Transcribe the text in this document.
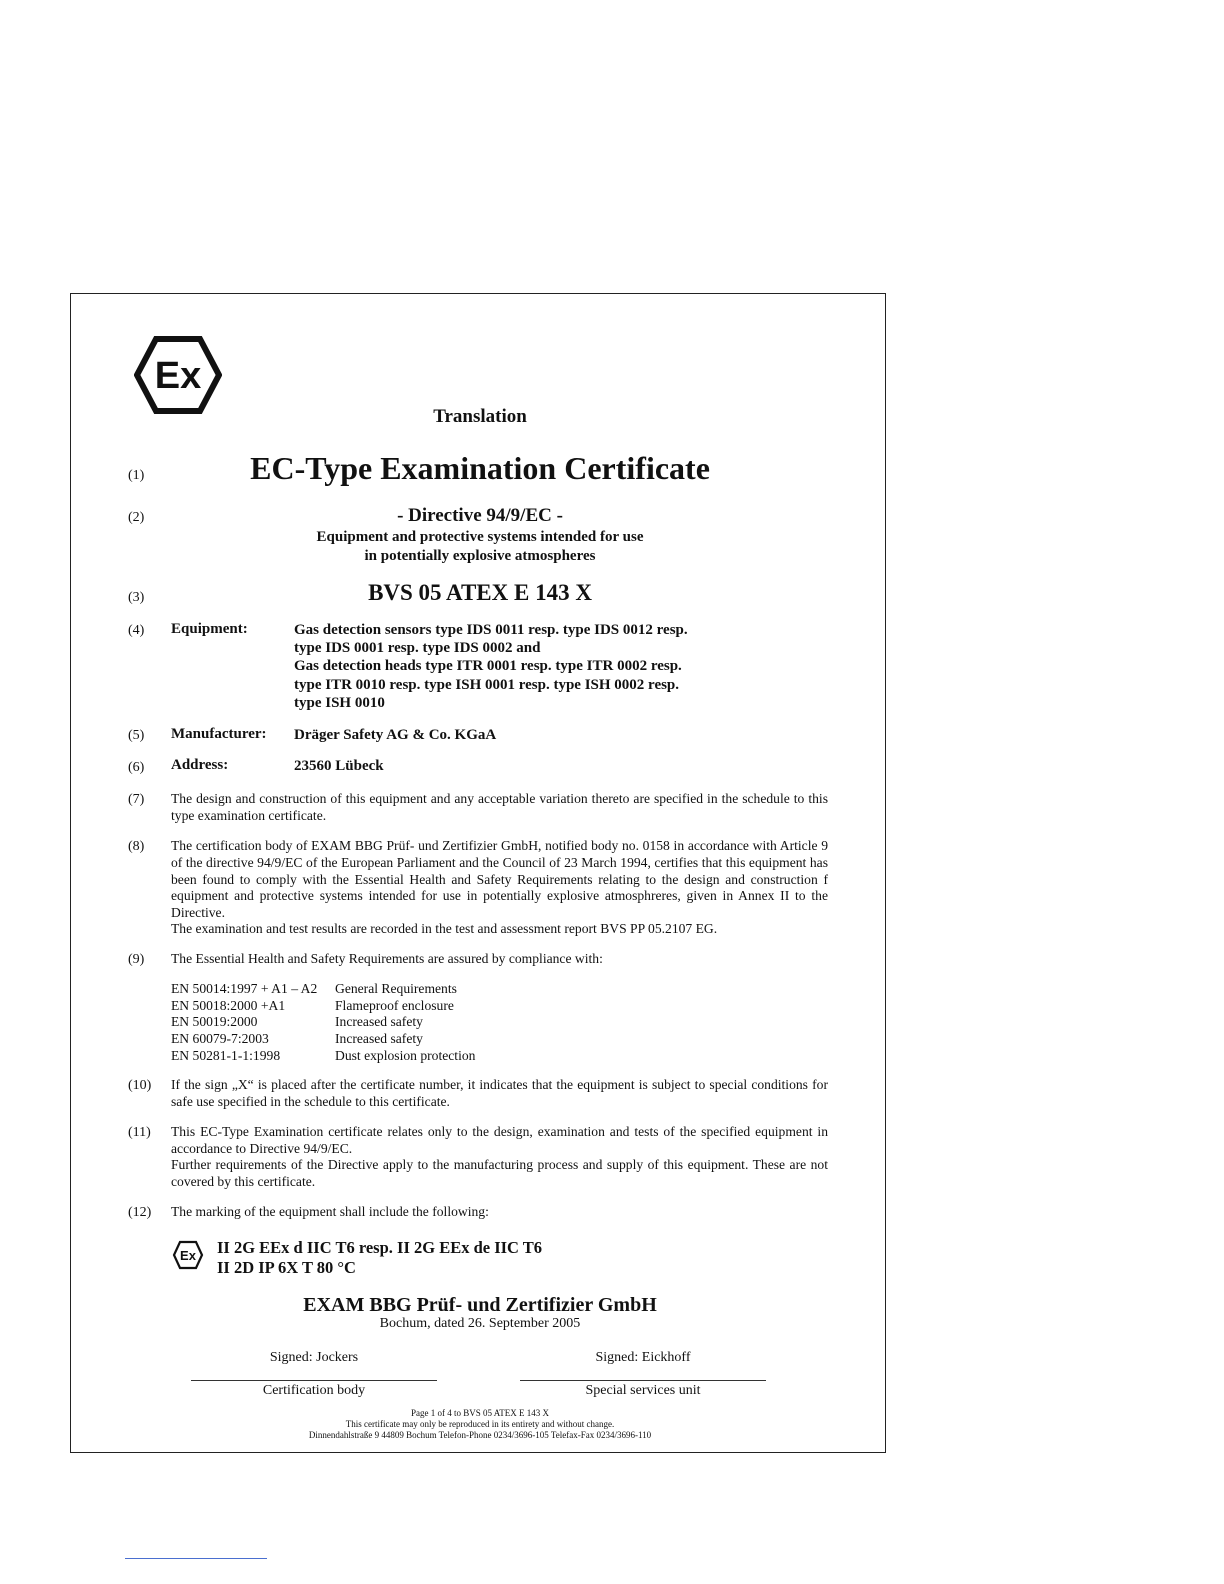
Ex
Translation
(1)	EC-Type Examination Certificate
(2)	- Directive 94/9/EC -
Equipment and protective systems intended for use
in potentially explosive atmospheres
(3)	BVS 05 ATEX E 143 X
(4) Equipment:	Gas detection sensors type IDS 0011 resp. type IDS 0012 resp.
type IDS 0001 resp. type IDS 0002 and
Gas detection heads type ITR 0001 resp. type ITR 0002 resp.
type ITR 0010 resp. type ISH 0001 resp. type ISH 0002 resp.
type ISH 0010
(5) Manufacturer: Dräger Safety AG & Co. KGaA
(6) Address:	23560 Lübeck
(7) The design and construction of this equipment and any acceptable variation thereto are specified in the schedule to this type examination certificate.
(8) The certification body of EXAM BBG Prüf- und Zertifizier GmbH, notified body no. 0158 in accordance with Article 9 of the directive 94/9/EC of the European Parliament and the Council of 23 March 1994, certifies that this equipment has been found to comply with the Essential Health and Safety Requirements relating to the design and construction f equipment and protective systems intended for use in potentially explosive atmosphreres, given in Annex II to the Directive.
The examination and test results are recorded in the test and assessment report BVS PP 05.2107 EG.
(9) The Essential Health and Safety Requirements are assured by compliance with:
EN 50014:1997 + A1 – A2	General Requirements
EN 50018:2000 +A1	Flameproof enclosure
EN 50019:2000	Increased safety
EN 60079-7:2003	Increased safety
EN 50281-1-1:1998	Dust explosion protection
(10) If the sign „X“ is placed after the certificate number, it indicates that the equipment is subject to special conditions for safe use specified in the schedule to this certificate.
(11) This EC-Type Examination certificate relates only to the design, examination and tests of the specified equipment in accordance to Directive 94/9/EC.
Further requirements of the Directive apply to the manufacturing process and supply of this equipment. These are not covered by this certificate.
(12) The marking of the equipment shall include the following:
Ex II 2G EEx d IIC T6 resp. II 2G EEx de IIC T6
II 2D IP 6X T 80 °C
EXAM BBG Prüf- und Zertifizier GmbH
Bochum, dated 26. September 2005
Signed: Jockers	Signed: Eickhoff
Certification body	Special services unit
Page 1 of 4 to BVS 05 ATEX E 143 X
This certificate may only be reproduced in its entirety and without change.
Dinnendahlstraße 9 44809 Bochum Telefon-Phone 0234/3696-105 Telefax-Fax 0234/3696-110
